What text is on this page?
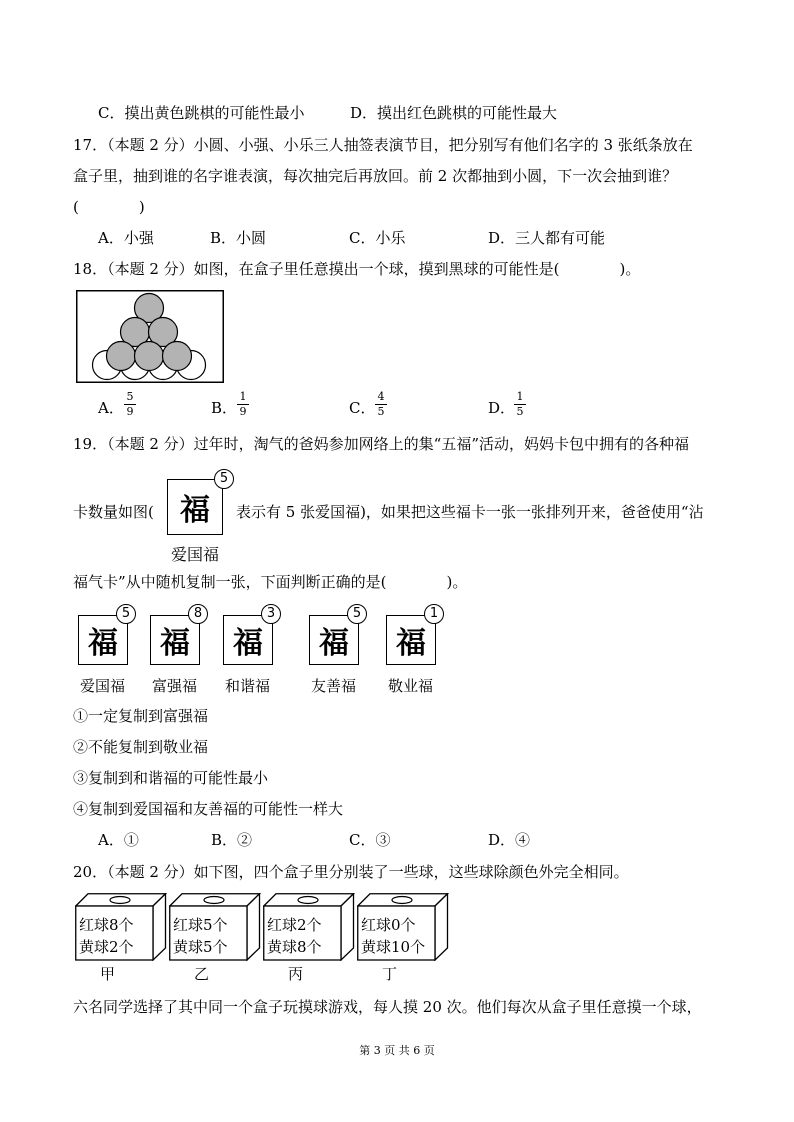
C．摸出黄色跳棋的可能性最小	D．摸出红色跳棋的可能性最大
17．（本题 2 分）小圆、小强、小乐三人抽签表演节目，把分别写有他们名字的 3 张纸条放在
盒子里，抽到谁的名字谁表演，每次抽完后再放回。前 2 次都抽到小圆，下一次会抽到谁？
(　　　　)
A．小强	B．小圆	C．小乐	D．三人都有可能
18．（本题 2 分）如图，在盒子里任意摸出一个球，摸到黑球的可能性是(　　　　)。
A． $\frac{5}{9}$	B． $\frac{1}{9}$	C． $\frac{4}{5}$	D．
$\frac{1}{5}$
19．（本题 2 分）过年时，淘气的爸妈参加网络上的集“五福”活动，妈妈卡包中拥有的各种福
卡数量如图( 福
5
表示有 5 张爱国福)，如果把这些福卡一张一张排列开来，爸爸使用“沾
爱国福
福气卡”从中随机复制一张，下面判断正确的是(　　　　)。
福
5
爱国福
福
8
富强福
福
3
和谐福
福
5
友善福
福
1
敬业福
①一定复制到富强福
②不能复制到敬业福
③复制到和谐福的可能性最小
④复制到爱国福和友善福的可能性一样大
A．①	B．②	C．③	D．④
20．（本题 2 分）如下图，四个盒子里分别装了一些球，这些球除颜色外完全相同。
红球8个
黄球2个
甲
红球5个
黄球5个
乙
红球2个
黄球8个
丙
红球0个
黄球10个
丁
六名同学选择了其中同一个盒子玩摸球游戏，每人摸 20 次。他们每次从盒子里任意摸一个球，
第 3 页 共 6 页
